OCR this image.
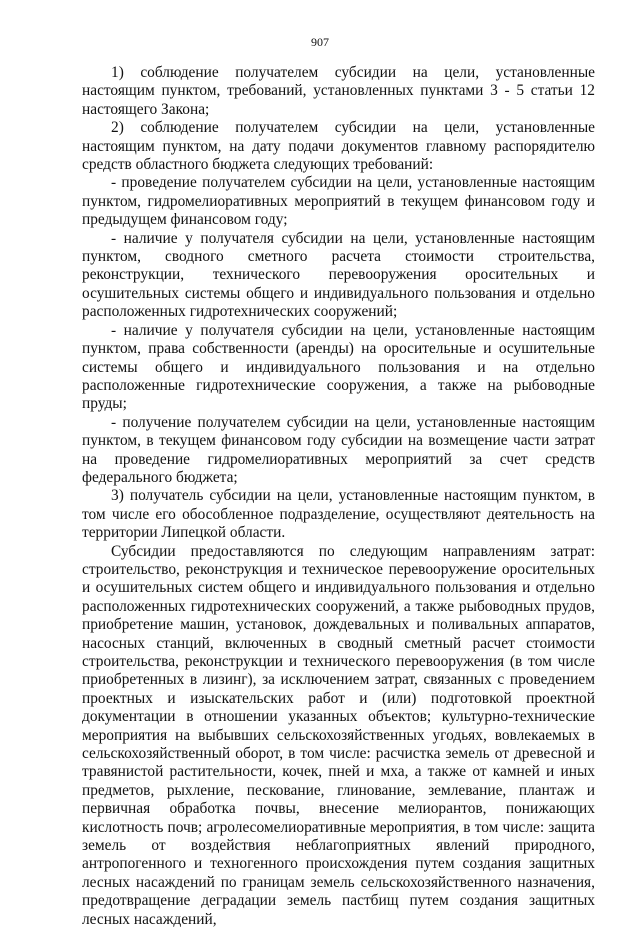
907

1) соблюдение получателем субсидии на цели, установленные настоящим пунктом, требований, установленных пунктами 3 - 5 статьи 12 настоящего Закона;

2) соблюдение получателем субсидии на цели, установленные настоящим пунктом, на дату подачи документов главному распорядителю средств областного бюджета следующих требований:

- проведение получателем субсидии на цели, установленные настоящим пунктом, гидромелиоративных мероприятий в текущем финансовом году и предыдущем финансовом году;

- наличие у получателя субсидии на цели, установленные настоящим пунктом, сводного сметного расчета стоимости строительства, реконструкции, технического перевооружения оросительных и осушительных системы общего и индивидуального пользования и отдельно расположенных гидротехнических сооружений;

- наличие у получателя субсидии на цели, установленные настоящим пунктом, права собственности (аренды) на оросительные и осушительные системы общего и индивидуального пользования и на отдельно расположенные гидротехнические сооружения, а также на рыбоводные пруды;

- получение получателем субсидии на цели, установленные настоящим пунктом, в текущем финансовом году субсидии на возмещение части затрат на проведение гидромелиоративных мероприятий за счет средств федерального бюджета;

3) получатель субсидии на цели, установленные настоящим пунктом, в том числе его обособленное подразделение, осуществляют деятельность на территории Липецкой области.

Субсидии предоставляются по следующим направлениям затрат: строительство, реконструкция и техническое перевооружение оросительных и осушительных систем общего и индивидуального пользования и отдельно расположенных гидротехнических сооружений, а также рыбоводных прудов, приобретение машин, установок, дождевальных и поливальных аппаратов, насосных станций, включенных в сводный сметный расчет стоимости строительства, реконструкции и технического перевооружения (в том числе приобретенных в лизинг), за исключением затрат, связанных с проведением проектных и изыскательских работ и (или) подготовкой проектной документации в отношении указанных объектов; культурно-технические мероприятия на выбывших сельскохозяйственных угодьях, вовлекаемых в сельскохозяйственный оборот, в том числе: расчистка земель от древесной и травянистой растительности, кочек, пней и мха, а также от камней и иных предметов, рыхление, пескование, глинование, землевание, плантаж и первичная обработка почвы, внесение мелиорантов, понижающих кислотность почв; агролесомелиоративные мероприятия, в том числе: защита земель от воздействия неблагоприятных явлений природного, антропогенного и техногенного происхождения путем создания защитных лесных насаждений по границам земель сельскохозяйственного назначения, предотвращение деградации земель пастбищ путем создания защитных лесных насаждений,
